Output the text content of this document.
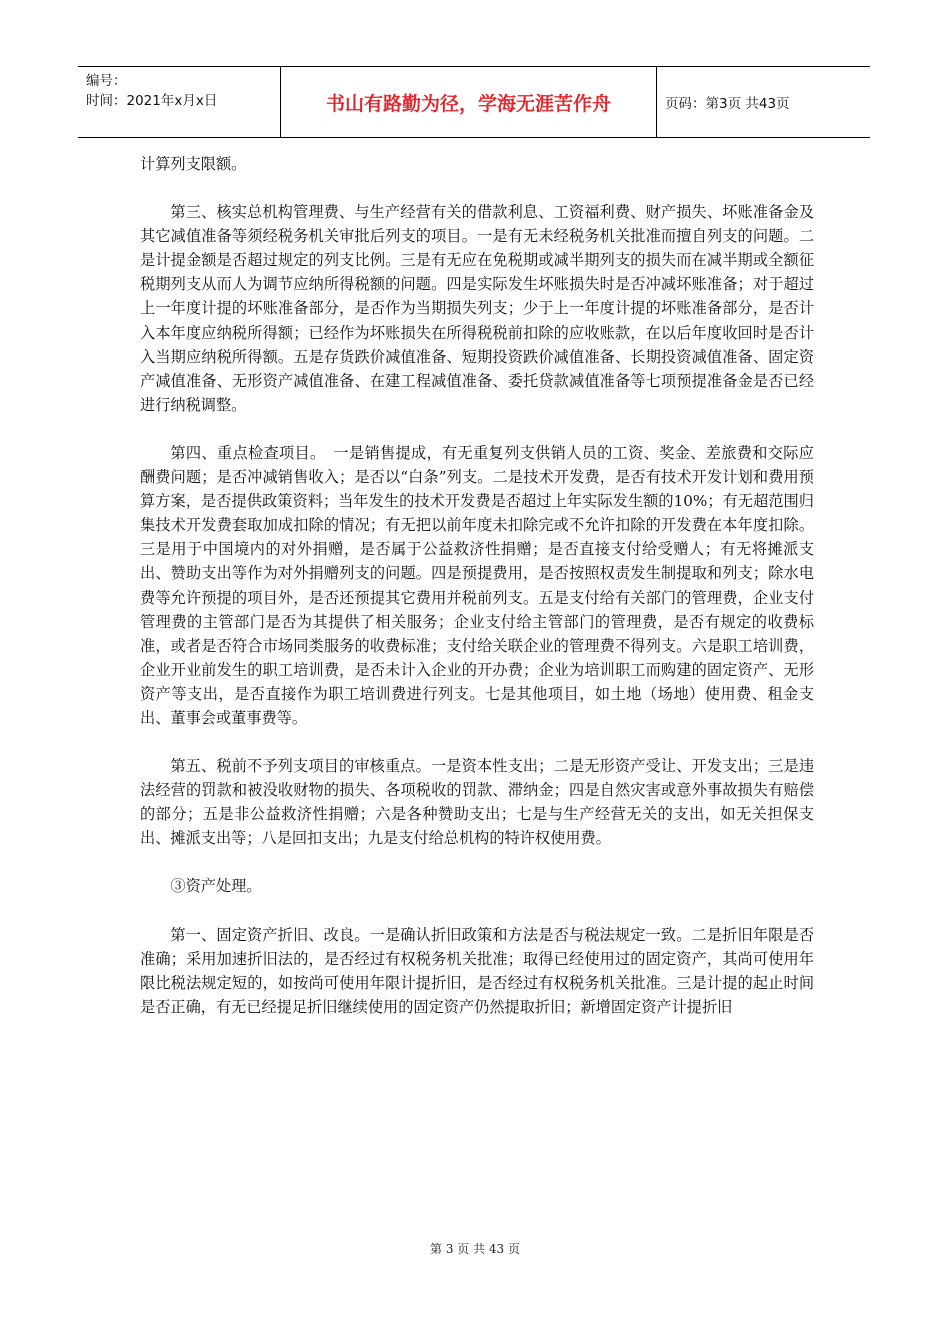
编号：
时间：2021年x月x日	书山有路勤为径，学海无涯苦作舟	页码：第3页 共43页

计算列支限额。

第三、核实总机构管理费、与生产经营有关的借款利息、工资福利费、财产损失、坏账准备金及其它减值准备等须经税务机关审批后列支的项目。一是有无未经税务机关批准而擅自列支的问题。二是计提金额是否超过规定的列支比例。三是有无应在免税期或减半期列支的损失而在减半期或全额征税期列支从而人为调节应纳所得税额的问题。四是实际发生坏账损失时是否冲减坏账准备；对于超过上一年度计提的坏账准备部分，是否作为当期损失列支；少于上一年度计提的坏账准备部分，是否计入本年度应纳税所得额；已经作为坏账损失在所得税税前扣除的应收账款，在以后年度收回时是否计入当期应纳税所得额。五是存货跌价减值准备、短期投资跌价减值准备、长期投资减值准备、固定资产减值准备、无形资产减值准备、在建工程减值准备、委托贷款减值准备等七项预提准备金是否已经进行纳税调整。

第四、重点检查项目。　一是销售提成，有无重复列支供销人员的工资、奖金、差旅费和交际应酬费问题；是否冲减销售收入；是否以“白条”列支。二是技术开发费，是否有技术开发计划和费用预算方案，是否提供政策资料；当年发生的技术开发费是否超过上年实际发生额的10%；有无超范围归集技术开发费套取加成扣除的情况；有无把以前年度未扣除完或不允许扣除的开发费在本年度扣除。三是用于中国境内的对外捐赠，是否属于公益救济性捐赠；是否直接支付给受赠人；有无将摊派支出、赞助支出等作为对外捐赠列支的问题。四是预提费用，是否按照权责发生制提取和列支；除水电费等允许预提的项目外，是否还预提其它费用并税前列支。五是支付给有关部门的管理费，企业支付管理费的主管部门是否为其提供了相关服务；企业支付给主管部门的管理费，是否有规定的收费标准，或者是否符合市场同类服务的收费标准；支付给关联企业的管理费不得列支。六是职工培训费，企业开业前发生的职工培训费，是否未计入企业的开办费；企业为培训职工而购建的固定资产、无形资产等支出，是否直接作为职工培训费进行列支。七是其他项目，如土地（场地）使用费、租金支出、董事会或董事费等。

第五、税前不予列支项目的审核重点。一是资本性支出；二是无形资产受让、开发支出；三是违法经营的罚款和被没收财物的损失、各项税收的罚款、滞纳金；四是自然灾害或意外事故损失有赔偿的部分；五是非公益救济性捐赠；六是各种赞助支出；七是与生产经营无关的支出，如无关担保支出、摊派支出等；八是回扣支出；九是支付给总机构的特许权使用费。

③资产处理。

第一、固定资产折旧、改良。一是确认折旧政策和方法是否与税法规定一致。二是折旧年限是否准确；采用加速折旧法的，是否经过有权税务机关批准；取得已经使用过的固定资产，其尚可使用年限比税法规定短的，如按尚可使用年限计提折旧，是否经过有权税务机关批准。三是计提的起止时间是否正确，有无已经提足折旧继续使用的固定资产仍然提取折旧；新增固定资产计提折旧

第 3 页 共 43 页
